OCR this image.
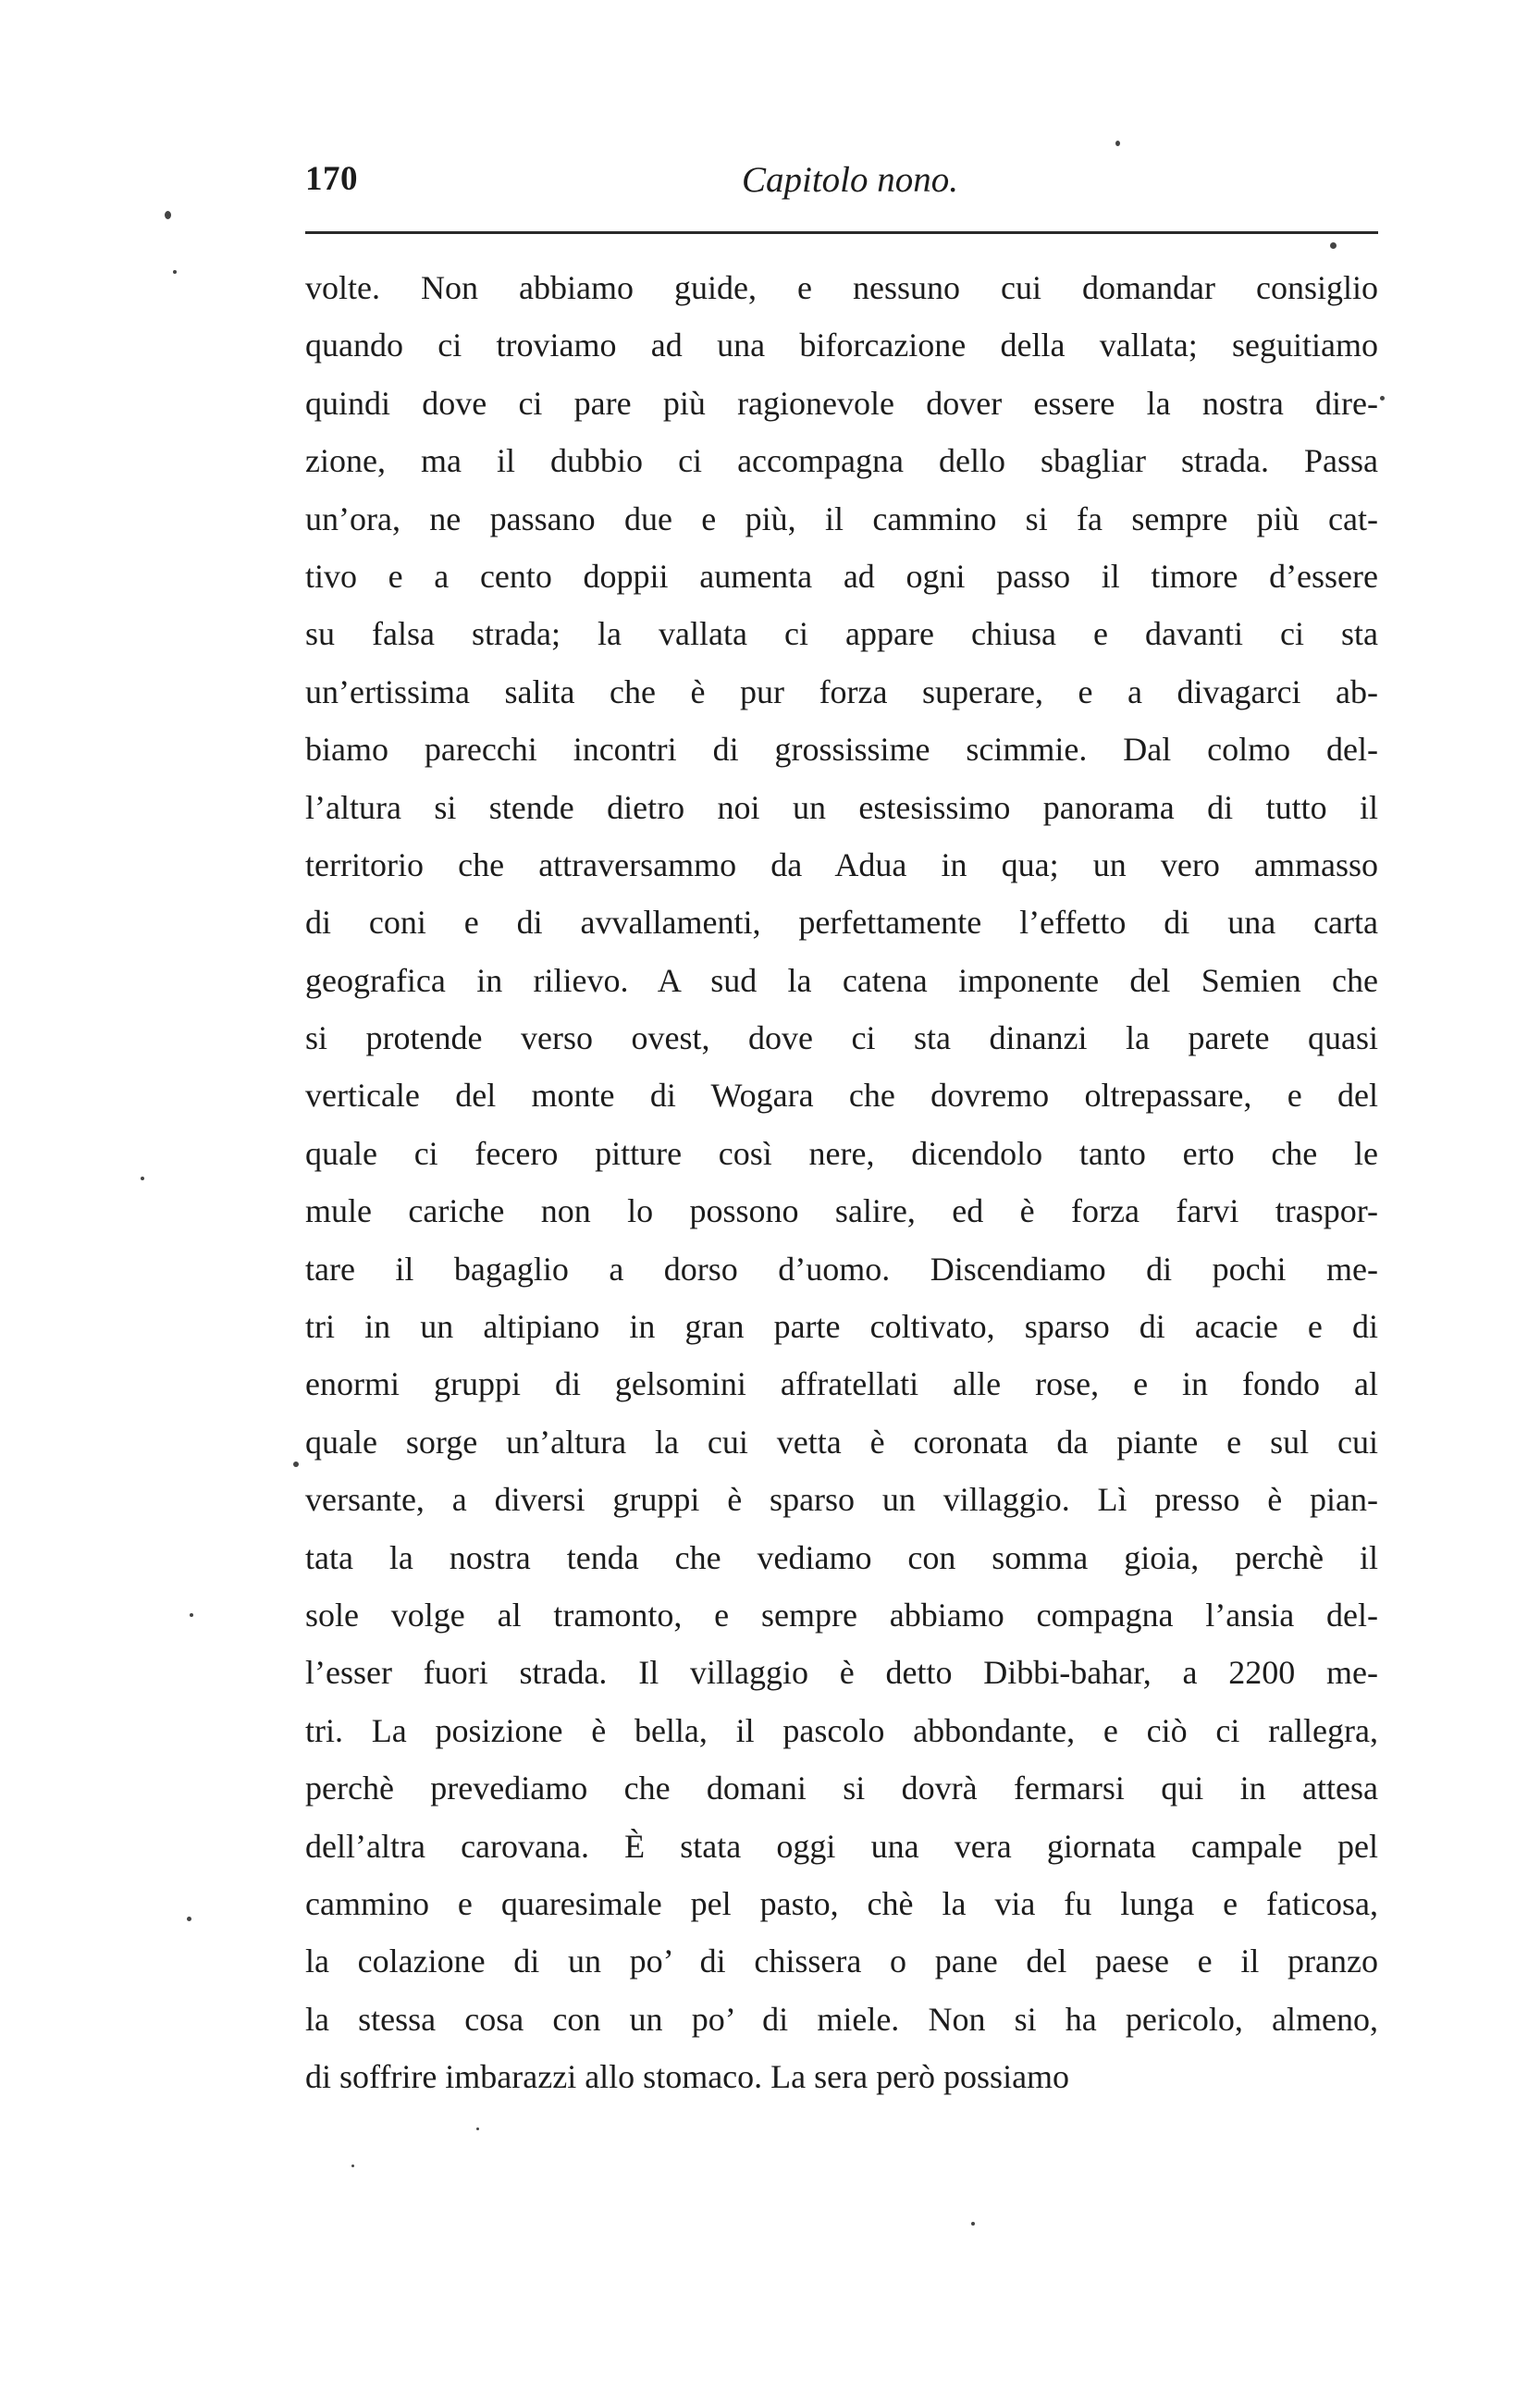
170	Capitolo nono.
volte. Non abbiamo guide, e nessuno cui domandar consiglio
quando ci troviamo ad una biforcazione della vallata; seguitiamo
quindi dove ci pare più ragionevole dover essere la nostra dire-
zione, ma il dubbio ci accompagna dello sbagliar strada. Passa
un’ora, ne passano due e più, il cammino si fa sempre più cat-
tivo e a cento doppii aumenta ad ogni passo il timore d’essere
su falsa strada; la vallata ci appare chiusa e davanti ci sta
un’ertissima salita che è pur forza superare, e a divagarci ab-
biamo parecchi incontri di grossissime scimmie. Dal colmo del-
l’altura si stende dietro noi un estesissimo panorama di tutto il
territorio che attraversammo da Adua in qua; un vero ammasso
di coni e di avvallamenti, perfettamente l’effetto di una carta
geografica in rilievo. A sud la catena imponente del Semien che
si protende verso ovest, dove ci sta dinanzi la parete quasi
verticale del monte di Wogara che dovremo oltrepassare, e del
quale ci fecero pitture così nere, dicendolo tanto erto che le
mule cariche non lo possono salire, ed è forza farvi traspor-
tare il bagaglio a dorso d’uomo. Discendiamo di pochi me-
tri in un altipiano in gran parte coltivato, sparso di acacie e di
enormi gruppi di gelsomini affratellati alle rose, e in fondo al
quale sorge un’altura la cui vetta è coronata da piante e sul cui
versante, a diversi gruppi è sparso un villaggio. Lì presso è pian-
tata la nostra tenda che vediamo con somma gioia, perchè il
sole volge al tramonto, e sempre abbiamo compagna l’ansia del-
l’esser fuori strada. Il villaggio è detto Dibbi-bahar, a 2200 me-
tri. La posizione è bella, il pascolo abbondante, e ciò ci rallegra,
perchè prevediamo che domani si dovrà fermarsi qui in attesa
dell’altra carovana. È stata oggi una vera giornata campale pel
cammino e quaresimale pel pasto, chè la via fu lunga e faticosa,
la colazione di un po’ di chissera o pane del paese e il pranzo
la stessa cosa con un po’ di miele. Non si ha pericolo, almeno,
di soffrire imbarazzi allo stomaco. La sera però possiamo
